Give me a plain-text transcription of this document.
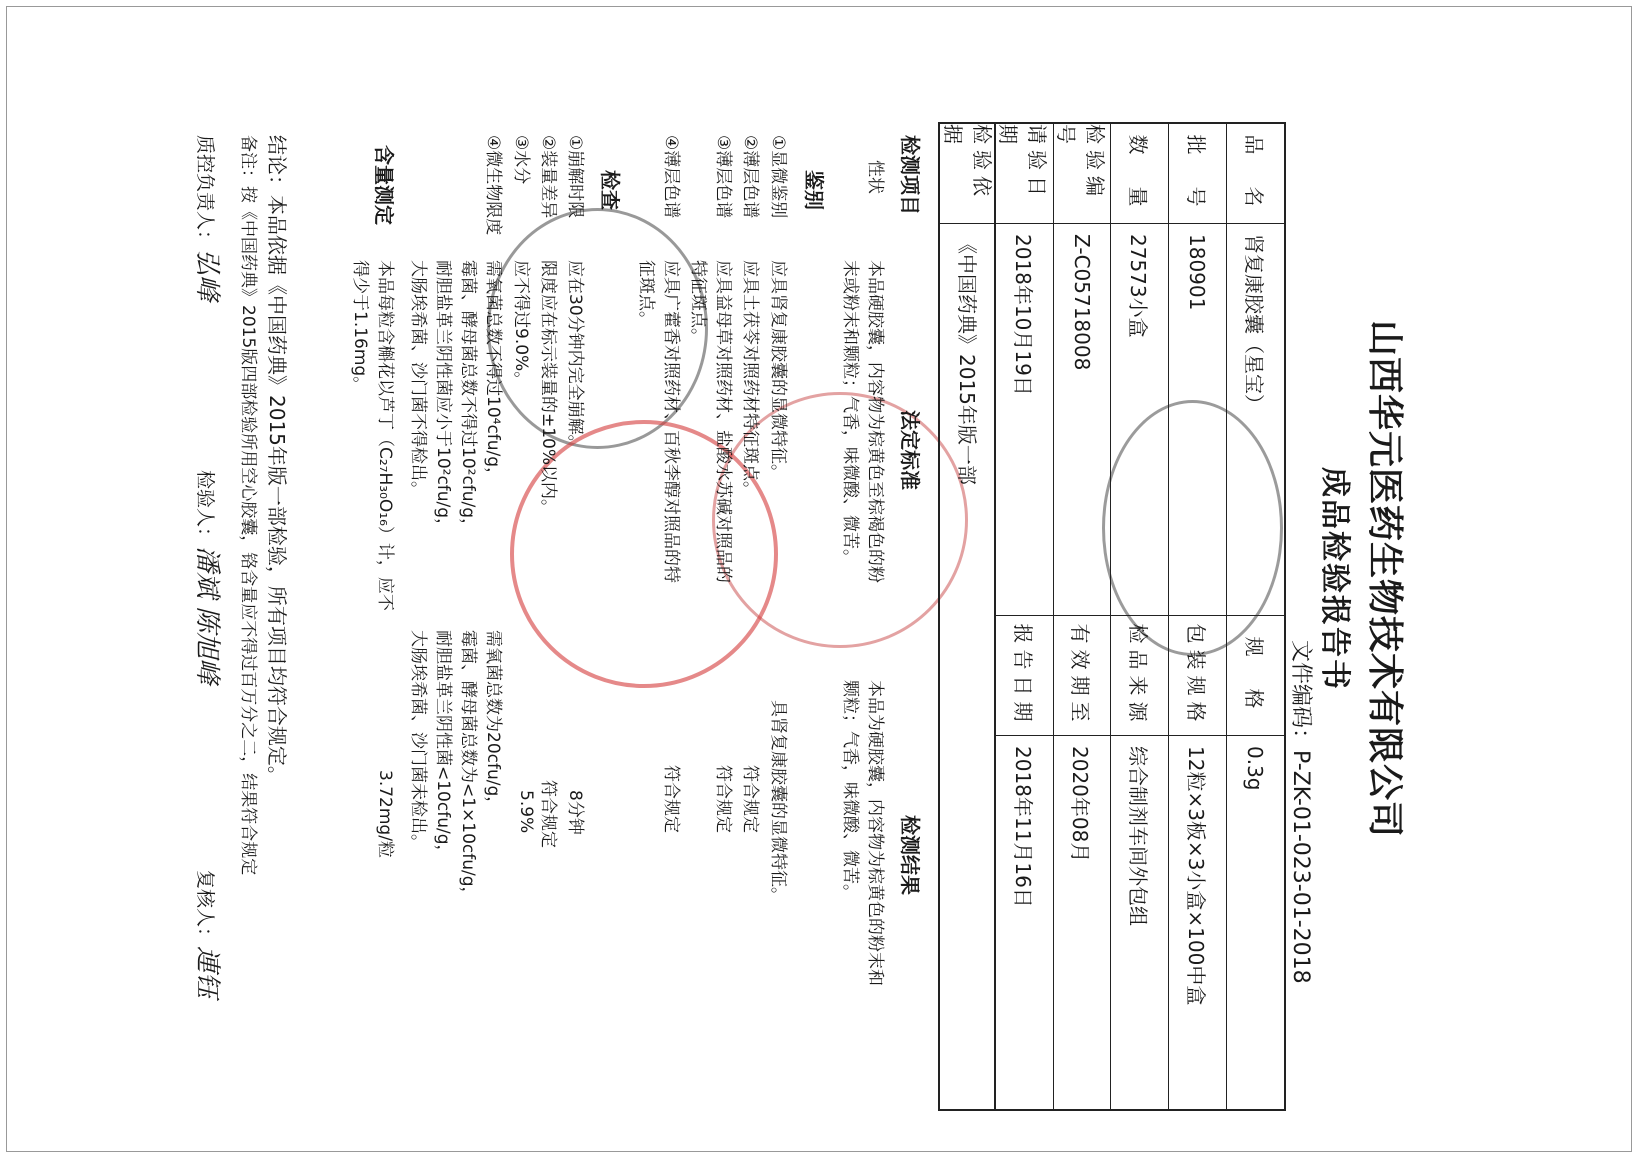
山西华元医药生物技术有限公司
成品检验报告书
文件编码：P-ZK-01-023-01-2018
品　名
肾复康胶囊（星宝）
规　格
0.3g
批　号
180901
包装规格
12粒×3板×3小盒×100中盒
数　量
27573小盒
检品来源
综合制剂车间外包组
检验编号
Z-C05718008
有效期至
2020年08月
请验日期
2018年10月19日
报告日期
2018年11月16日
检验依据
《中国药典》2015年版一部
检测项目
法定标准
检测结果
性状
本品硬胶囊，内容物为棕黄色至棕褐色的粉
末或粉末和颗粒；气香，味微酸、微苦。
本品为硬胶囊，内容物为棕黄色的粉末和
颗粒；气香，味微酸、微苦。
鉴别
①显微鉴别
应具肾复康胶囊的显微特征。
具肾复康胶囊的显微特征。
②薄层色谱
应具土茯苓对照药材特征斑点。
符合规定
③薄层色谱
应具益母草对照药材、盐酸水苏碱对照品的
特征斑点。
符合规定
④薄层色谱
应具广藿香对照药材、百秋李醇对照品的特
征斑点。
符合规定
检查
①崩解时限
应在30分钟内完全崩解。
8分钟
②装量差异
限度应在标示装量的±10%以内。
符合规定
③水分
应不得过9.0%。
5.9%
④微生物限度
需氧菌总数不得过10⁴cfu/g，
霉菌、酵母菌总数不得过10²cfu/g，
耐胆盐革兰阴性菌应小于10²cfu/g，
大肠埃希菌、沙门菌不得检出。
需氧菌总数为20cfu/g，
霉菌、酵母菌总数为<1×10cfu/g，
耐胆盐革兰阴性菌<10cfu/g，
大肠埃希菌、沙门菌未检出。
含量测定
本品每粒含槲花以芦丁（C₂₇H₃₀O₁₆）计，应不
得少于1.16mg。
3.72mg/粒
结论：本品依据《中国药典》2015年版一部检验，所有项目均符合规定。
备注：按《中国药典》2015版四部检验所用空心胶囊，铬含量应不得过百万分之二，结果符合规定
质控负责人：弘峰
检验人：潘斌 陈旭峰
复核人：連钰
